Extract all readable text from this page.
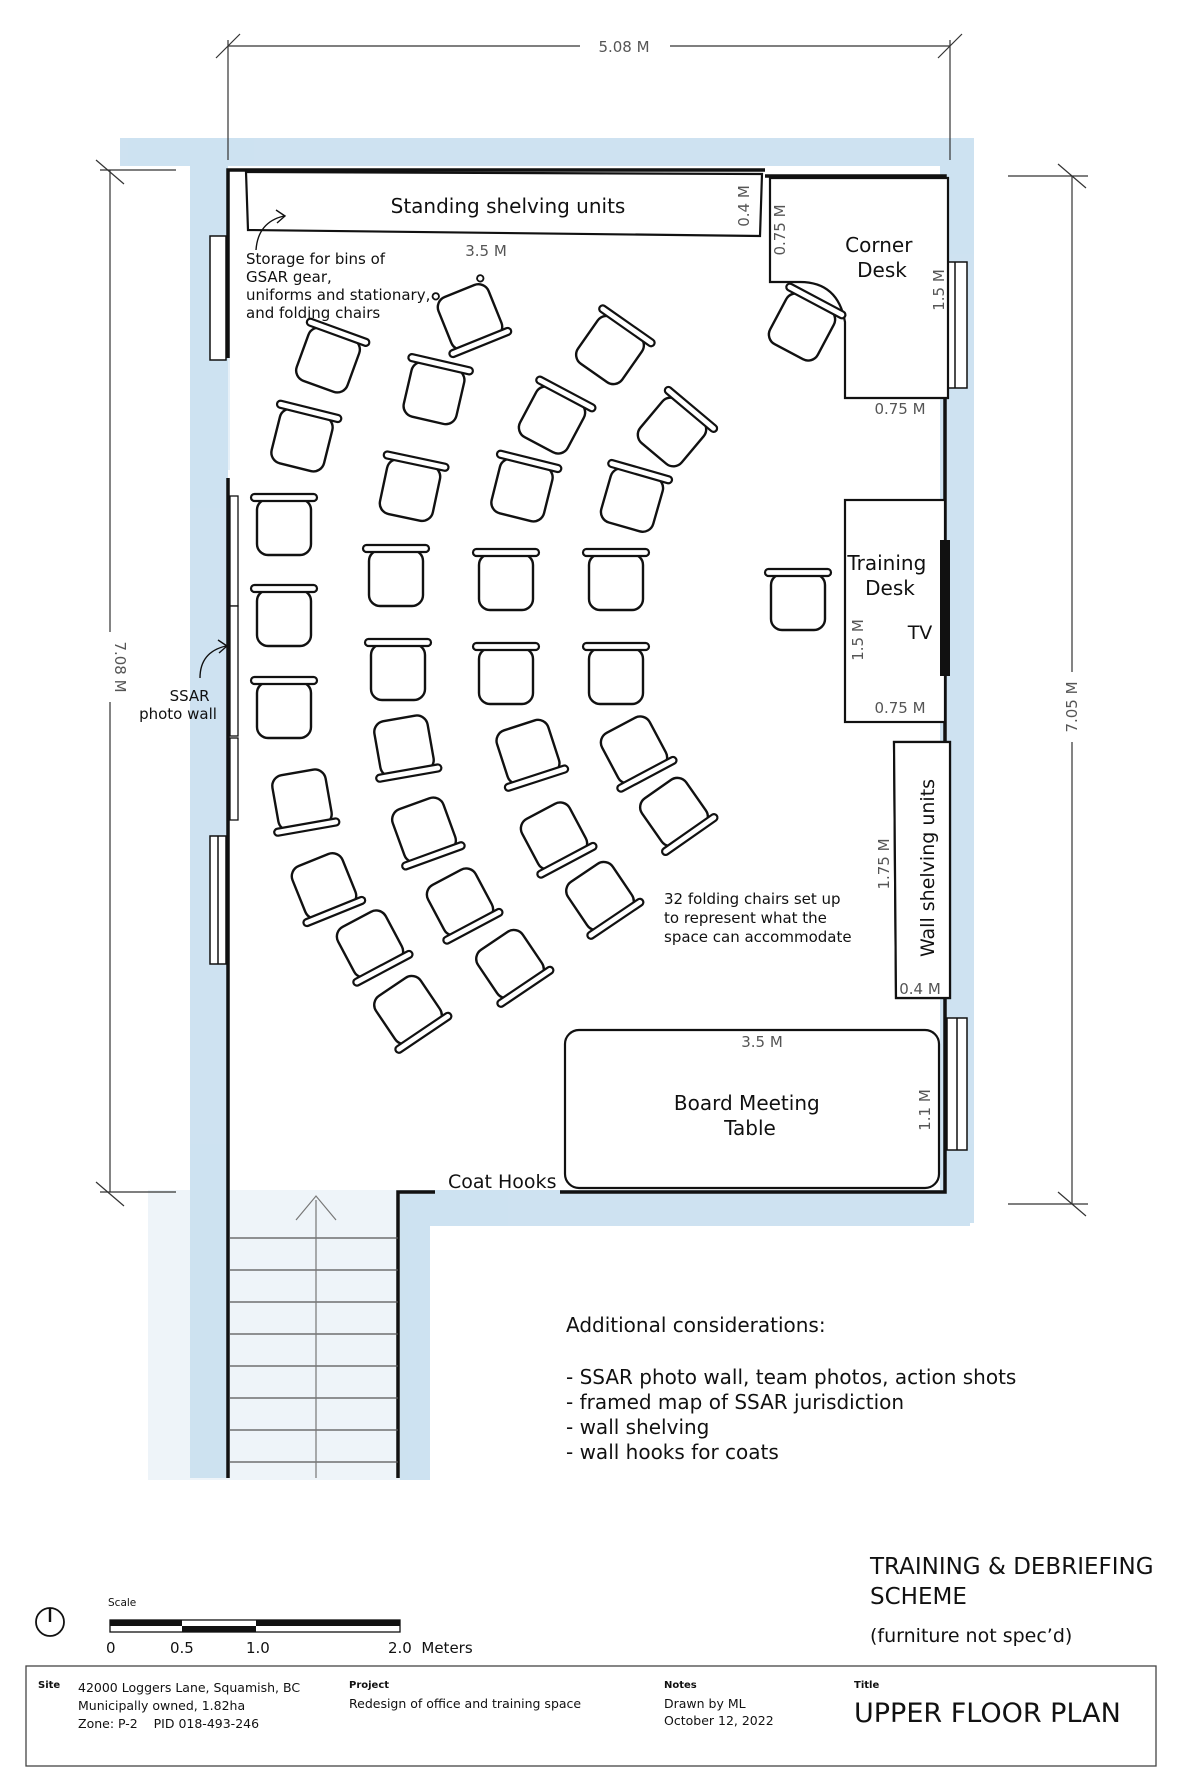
5.08 M
7.08 M
7.05 M
Standing shelving units
3.5 M
0.4 M
Corner Desk
0.75 M
1.5 M
0.75 M
Training Desk
TV
1.5 M
0.75 M
Wall shelving units
1.75 M
0.4 M
Board Meeting Table
3.5 M
1.1 M
Storage for bins of GSAR gear, uniforms and stationary, and folding chairs
SSAR photo wall
32 folding chairs set up to represent what the space can accommodate
Coat Hooks
Additional considerations:
- SSAR photo wall, team photos, action shots - framed map of SSAR jurisdiction - wall shelving - wall hooks for coats
TRAINING & DEBRIEFING SCHEME
(furniture not spec’d)
Scale
0	0.5	1.0	2.0  Meters
Site 42000 Loggers Lane, Squamish, BC Municipally owned, 1.82ha Zone: P-2    PID 018-493-246
Project
Redesign of office and training space
Notes
Drawn by ML October 12, 2022
Title
UPPER FLOOR PLAN
